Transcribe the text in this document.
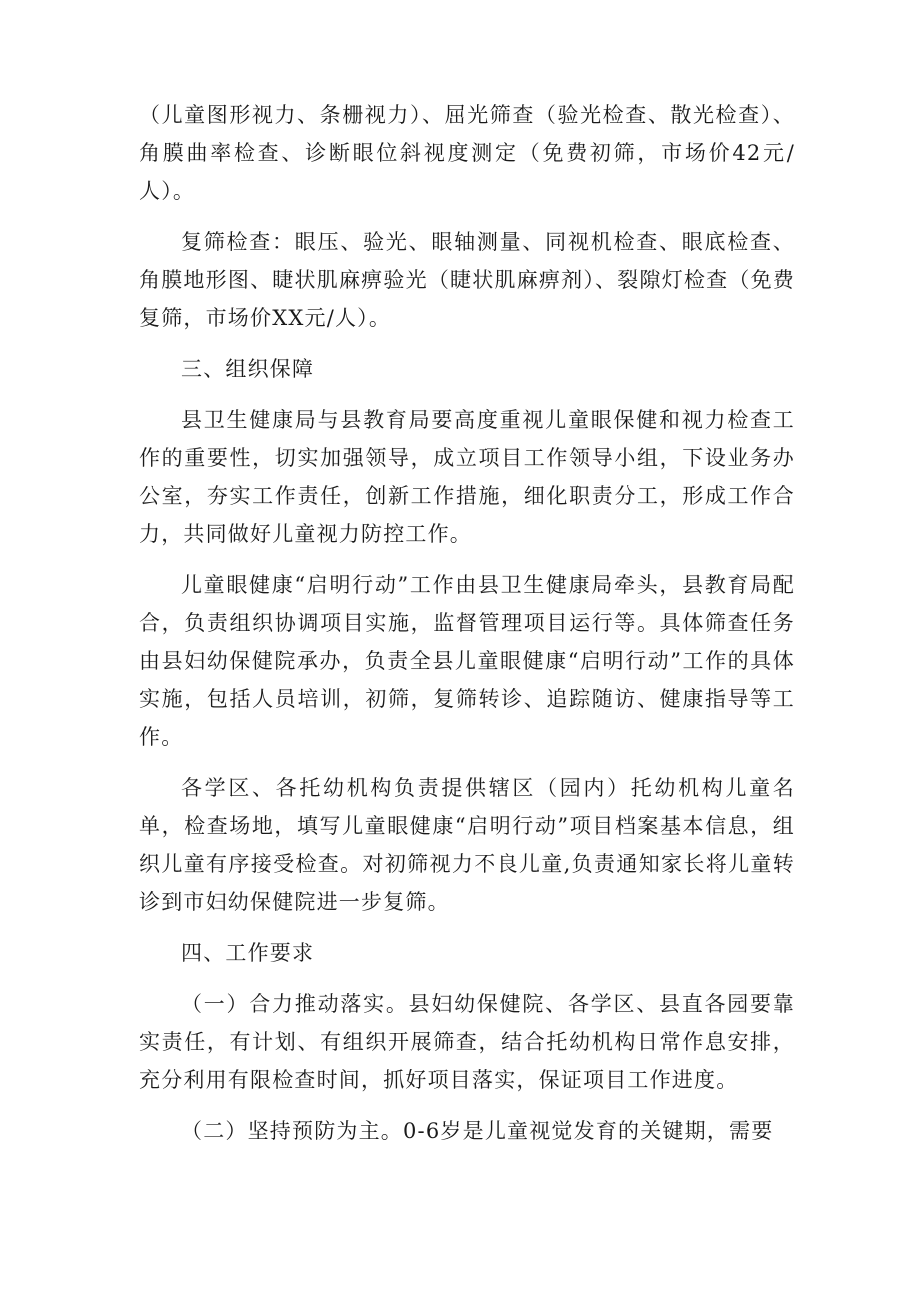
（儿童图形视力、条栅视力）、屈光筛查（验光检查、散光检查）、角膜曲率检查、诊断眼位斜视度测定（免费初筛，市场价42元/人）。

复筛检查：眼压、验光、眼轴测量、同视机检查、眼底检查、角膜地形图、睫状肌麻痹验光（睫状肌麻痹剂）、裂隙灯检查（免费复筛，市场价XX元/人）。

三、组织保障

县卫生健康局与县教育局要高度重视儿童眼保健和视力检查工作的重要性，切实加强领导，成立项目工作领导小组，下设业务办公室，夯实工作责任，创新工作措施，细化职责分工，形成工作合力，共同做好儿童视力防控工作。

儿童眼健康“启明行动”工作由县卫生健康局牵头，县教育局配合，负责组织协调项目实施，监督管理项目运行等。具体筛查任务由县妇幼保健院承办，负责全县儿童眼健康“启明行动”工作的具体实施，包括人员培训，初筛，复筛转诊、追踪随访、健康指导等工作。

各学区、各托幼机构负责提供辖区（园内）托幼机构儿童名单，检查场地，填写儿童眼健康“启明行动”项目档案基本信息，组织儿童有序接受检查。对初筛视力不良儿童,负责通知家长将儿童转诊到市妇幼保健院进一步复筛。

四、工作要求

（一）合力推动落实。县妇幼保健院、各学区、县直各园要靠实责任，有计划、有组织开展筛查，结合托幼机构日常作息安排，充分利用有限检查时间，抓好项目落实，保证项目工作进度。

（二）坚持预防为主。0-6岁是儿童视觉发育的关键期，需要
